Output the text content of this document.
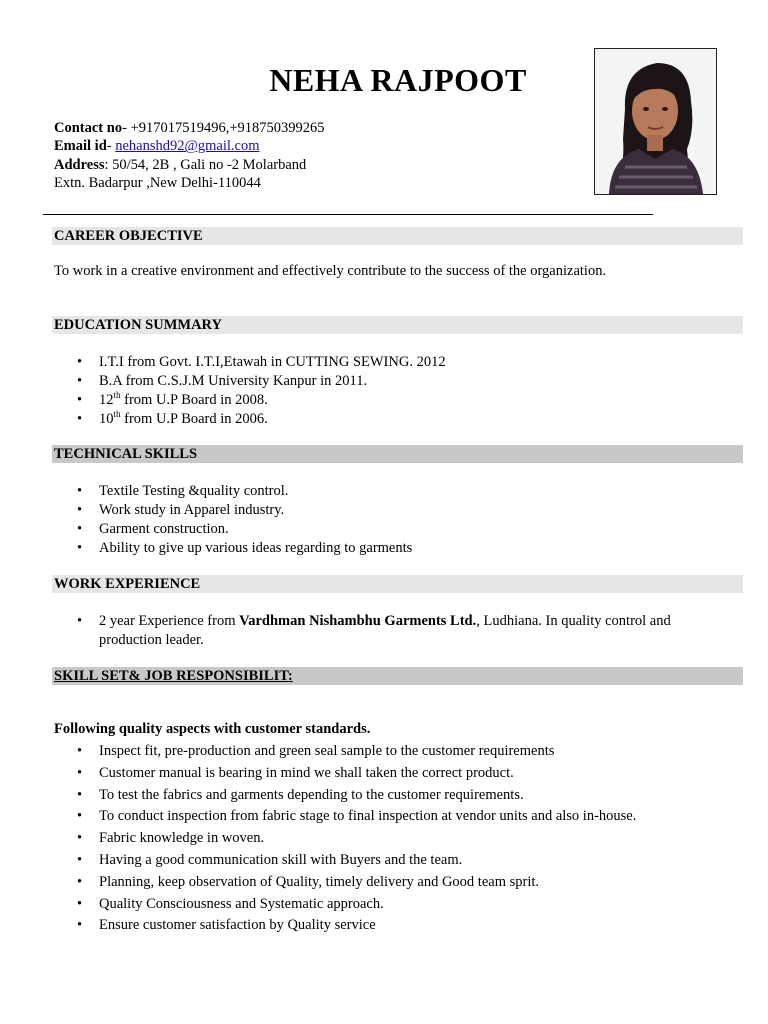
NEHA RAJPOOT
Contact no- +917017519496,+918750399265
Email id- nehanshd92@gmail.com
Address: 50/54, 2B , Gali no -2 Molarband
Extn. Badarpur ,New Delhi-110044
CAREER OBJECTIVE
To work in a creative environment and effectively contribute to the success of the organization.
EDUCATION SUMMARY
• I.T.I from Govt. I.T.I,Etawah in CUTTING SEWING. 2012
• B.A from C.S.J.M University Kanpur in 2011.
• 12th from U.P Board in 2008.
• 10th from U.P Board in 2006.
TECHNICAL SKILLS
• Textile Testing &quality control.
• Work study in Apparel industry.
• Garment construction.
• Ability to give up various ideas regarding to garments
WORK EXPERIENCE
• 2 year Experience from Vardhman Nishambhu Garments Ltd., Ludhiana. In quality control and
production leader.
SKILL SET& JOB RESPONSIBILIT:
Following quality aspects with customer standards.
• Inspect fit, pre-production and green seal sample to the customer requirements
• Customer manual is bearing in mind we shall taken the correct product.
• To test the fabrics and garments depending to the customer requirements.
• To conduct inspection from fabric stage to final inspection at vendor units and also in-house.
• Fabric knowledge in woven.
• Having a good communication skill with Buyers and the team.
• Planning, keep observation of Quality, timely delivery and Good team sprit.
• Quality Consciousness and Systematic approach.
• Ensure customer satisfaction by Quality service
